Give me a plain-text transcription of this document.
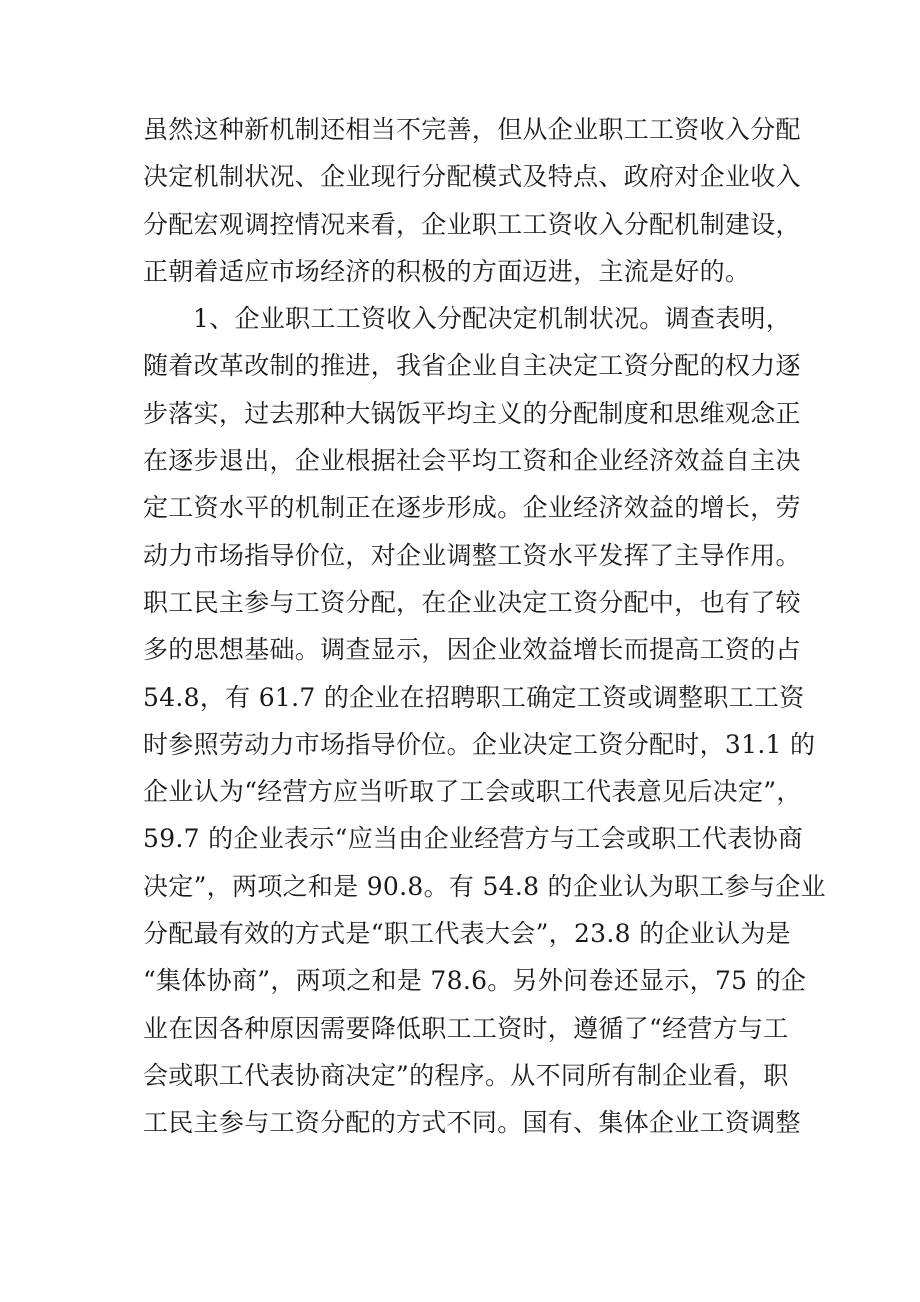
虽然这种新机制还相当不完善，但从企业职工工资收入分配
决定机制状况、企业现行分配模式及特点、政府对企业收入
分配宏观调控情况来看，企业职工工资收入分配机制建设，
正朝着适应市场经济的积极的方面迈进，主流是好的。
1、企业职工工资收入分配决定机制状况。调查表明，
随着改革改制的推进，我省企业自主决定工资分配的权力逐
步落实，过去那种大锅饭平均主义的分配制度和思维观念正
在逐步退出，企业根据社会平均工资和企业经济效益自主决
定工资水平的机制正在逐步形成。企业经济效益的增长，劳
动力市场指导价位，对企业调整工资水平发挥了主导作用。
职工民主参与工资分配，在企业决定工资分配中，也有了较
多的思想基础。调查显示，因企业效益增长而提高工资的占
54.8，有 61.7 的企业在招聘职工确定工资或调整职工工资
时参照劳动力市场指导价位。企业决定工资分配时，31.1 的
企业认为“经营方应当听取了工会或职工代表意见后决定”，
59.7 的企业表示“应当由企业经营方与工会或职工代表协商
决定”，两项之和是 90.8。有 54.8 的企业认为职工参与企业
分配最有效的方式是“职工代表大会”，23.8 的企业认为是
“集体协商”，两项之和是 78.6。另外问卷还显示，75 的企
业在因各种原因需要降低职工工资时，遵循了“经营方与工
会或职工代表协商决定”的程序。从不同所有制企业看，职
工民主参与工资分配的方式不同。国有、集体企业工资调整
